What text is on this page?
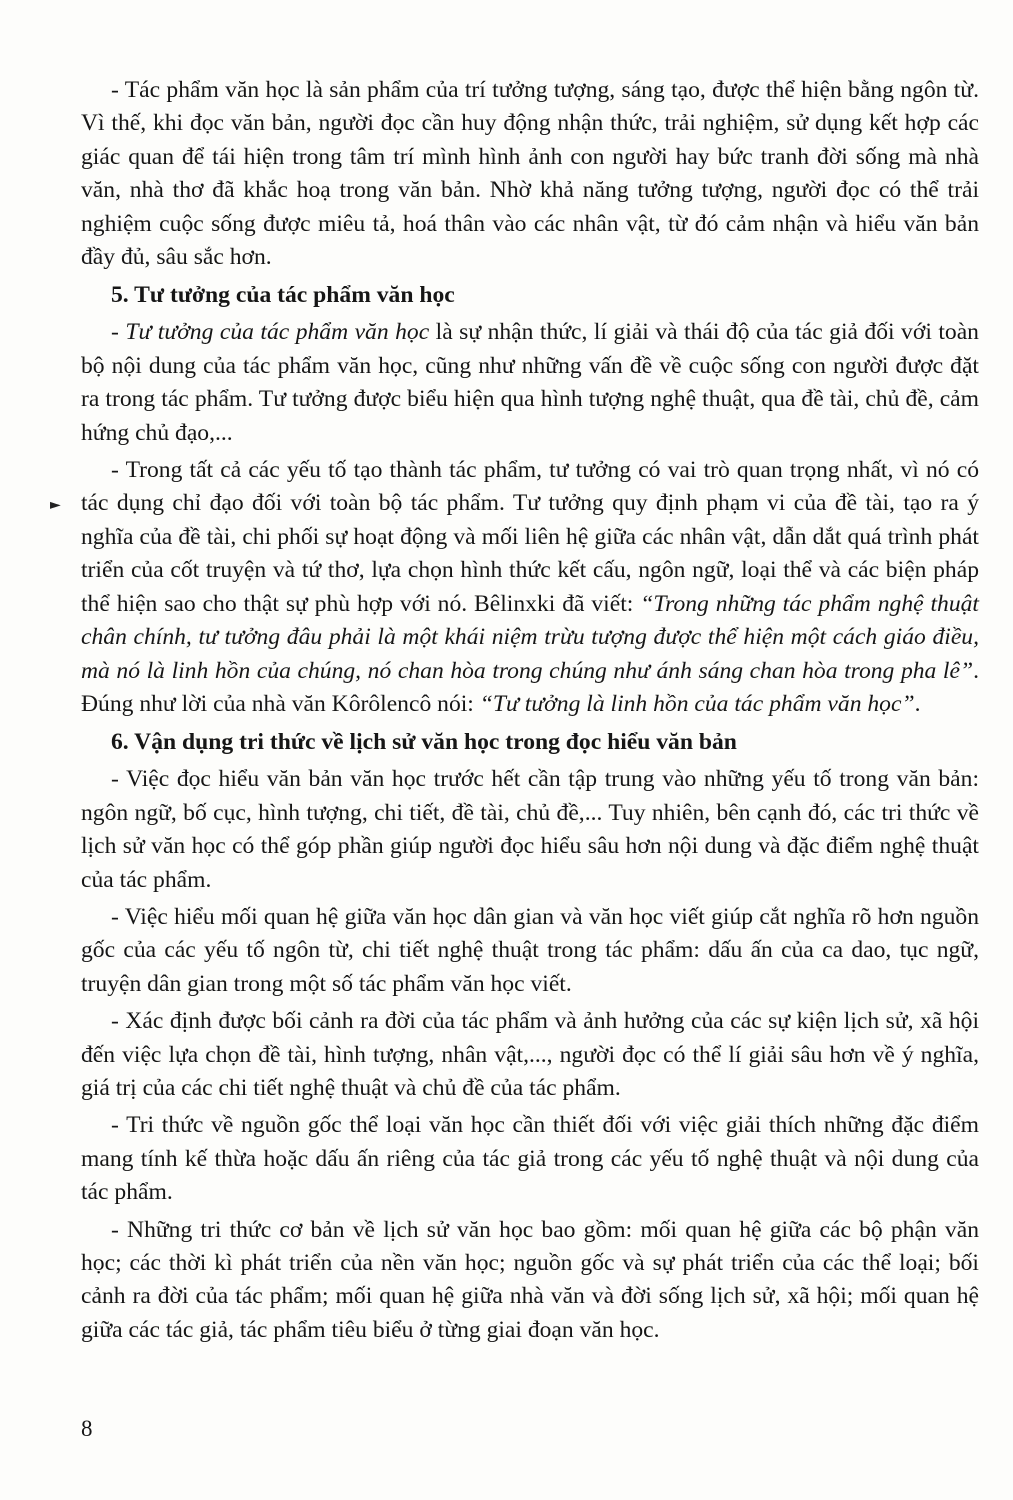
- Tác phẩm văn học là sản phẩm của trí tưởng tượng, sáng tạo, được thể hiện bằng ngôn từ. Vì thế, khi đọc văn bản, người đọc cần huy động nhận thức, trải nghiệm, sử dụng kết hợp các giác quan để tái hiện trong tâm trí mình hình ảnh con người hay bức tranh đời sống mà nhà văn, nhà thơ đã khắc hoạ trong văn bản. Nhờ khả năng tưởng tượng, người đọc có thể trải nghiệm cuộc sống được miêu tả, hoá thân vào các nhân vật, từ đó cảm nhận và hiểu văn bản đầy đủ, sâu sắc hơn.

5. Tư tưởng của tác phẩm văn học

- Tư tưởng của tác phẩm văn học là sự nhận thức, lí giải và thái độ của tác giả đối với toàn bộ nội dung của tác phẩm văn học, cũng như những vấn đề về cuộc sống con người được đặt ra trong tác phẩm. Tư tưởng được biểu hiện qua hình tượng nghệ thuật, qua đề tài, chủ đề, cảm hứng chủ đạo,...

- Trong tất cả các yếu tố tạo thành tác phẩm, tư tưởng có vai trò quan trọng nhất, vì nó có tác dụng chỉ đạo đối với toàn bộ tác phẩm. Tư tưởng quy định phạm vi của đề tài, tạo ra ý nghĩa của đề tài, chi phối sự hoạt động và mối liên hệ giữa các nhân vật, dẫn dắt quá trình phát triển của cốt truyện và tứ thơ, lựa chọn hình thức kết cấu, ngôn ngữ, loại thể và các biện pháp thể hiện sao cho thật sự phù hợp với nó. Bêlinxki đã viết: “Trong những tác phẩm nghệ thuật chân chính, tư tưởng đâu phải là một khái niệm trừu tượng được thể hiện một cách giáo điều, mà nó là linh hồn của chúng, nó chan hòa trong chúng như ánh sáng chan hòa trong pha lê”. Đúng như lời của nhà văn Kôrôlencô nói: “Tư tưởng là linh hồn của tác phẩm văn học”.

6. Vận dụng tri thức về lịch sử văn học trong đọc hiểu văn bản

- Việc đọc hiểu văn bản văn học trước hết cần tập trung vào những yếu tố trong văn bản: ngôn ngữ, bố cục, hình tượng, chi tiết, đề tài, chủ đề,... Tuy nhiên, bên cạnh đó, các tri thức về lịch sử văn học có thể góp phần giúp người đọc hiểu sâu hơn nội dung và đặc điểm nghệ thuật của tác phẩm.

- Việc hiểu mối quan hệ giữa văn học dân gian và văn học viết giúp cắt nghĩa rõ hơn nguồn gốc của các yếu tố ngôn từ, chi tiết nghệ thuật trong tác phẩm: dấu ấn của ca dao, tục ngữ, truyện dân gian trong một số tác phẩm văn học viết.

- Xác định được bối cảnh ra đời của tác phẩm và ảnh hưởng của các sự kiện lịch sử, xã hội đến việc lựa chọn đề tài, hình tượng, nhân vật,..., người đọc có thể lí giải sâu hơn về ý nghĩa, giá trị của các chi tiết nghệ thuật và chủ đề của tác phẩm.

- Tri thức về nguồn gốc thể loại văn học cần thiết đối với việc giải thích những đặc điểm mang tính kế thừa hoặc dấu ấn riêng của tác giả trong các yếu tố nghệ thuật và nội dung của tác phẩm.

- Những tri thức cơ bản về lịch sử văn học bao gồm: mối quan hệ giữa các bộ phận văn học; các thời kì phát triển của nền văn học; nguồn gốc và sự phát triển của các thể loại; bối cảnh ra đời của tác phẩm; mối quan hệ giữa nhà văn và đời sống lịch sử, xã hội; mối quan hệ giữa các tác giả, tác phẩm tiêu biểu ở từng giai đoạn văn học.

►
8
